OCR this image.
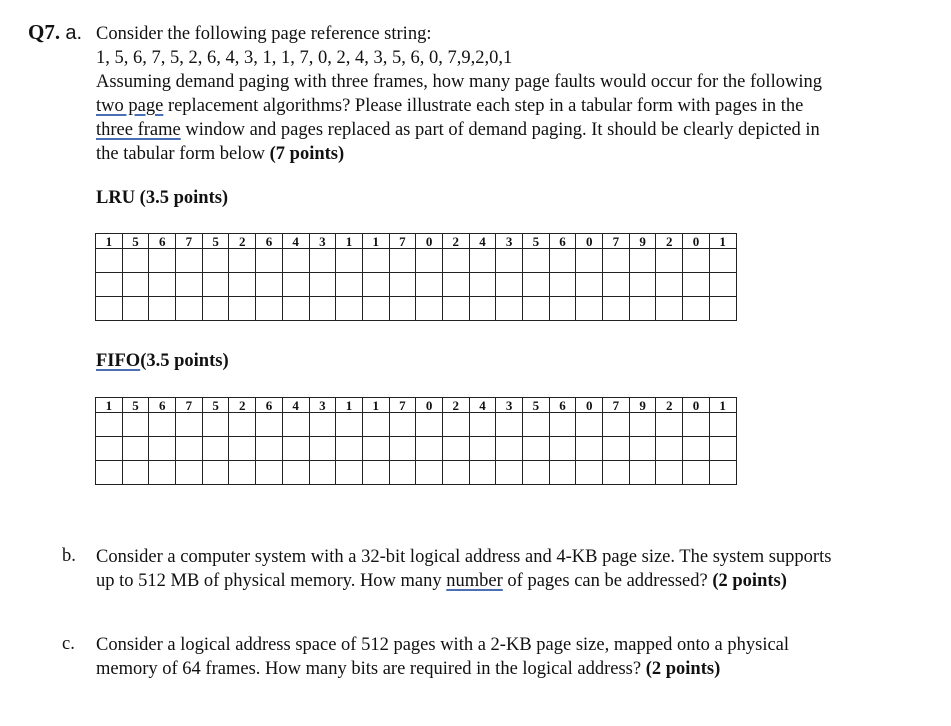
Q7. a. Consider the following page reference string:
1, 5, 6, 7, 5, 2, 6, 4, 3, 1, 1, 7, 0, 2, 4, 3, 5, 6, 0, 7,9,2,0,1
Assuming demand paging with three frames, how many page faults would occur for the following
two page replacement algorithms? Please illustrate each step in a tabular form with pages in the
three frame window and pages replaced as part of demand paging. It should be clearly depicted in
the tabular form below (7 points)
LRU (3.5 points)
1	5	6	7	5	2	6	4	3	1	1	7	0	2	4	3	5	6	0	7	9	2	0	1

FIFO(3.5 points)
1	5	6	7	5	2	6	4	3	1	1	7	0	2	4	3	5	6	0	7	9	2	0	1

b. Consider a computer system with a 32-bit logical address and 4-KB page size. The system supports
up to 512 MB of physical memory. How many number of pages can be addressed? (2 points)
c. Consider a logical address space of 512 pages with a 2-KB page size, mapped onto a physical
memory of 64 frames. How many bits are required in the logical address? (2 points)
